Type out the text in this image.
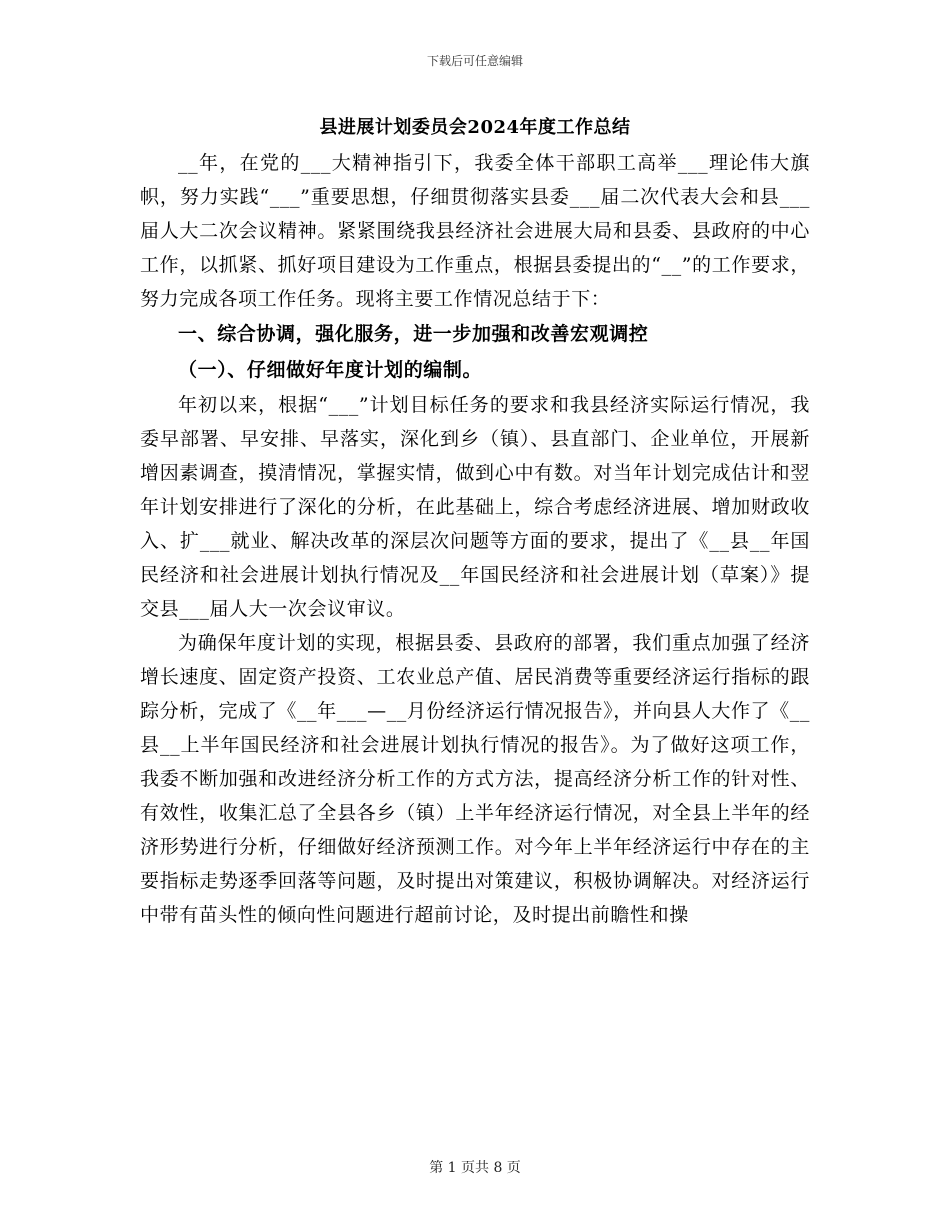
下载后可任意编辑
县进展计划委员会2024年度工作总结

__年，在党的___大精神指引下，我委全体干部职工高举___理论伟大旗帜，努力实践“___”重要思想，仔细贯彻落实县委___届二次代表大会和县___届人大二次会议精神。紧紧围绕我县经济社会进展大局和县委、县政府的中心工作，以抓紧、抓好项目建设为工作重点，根据县委提出的“__”的工作要求，努力完成各项工作任务。现将主要工作情况总结于下：

一、综合协调，强化服务，进一步加强和改善宏观调控

（一）、仔细做好年度计划的编制。

年初以来，根据“___”计划目标任务的要求和我县经济实际运行情况，我委早部署、早安排、早落实，深化到乡（镇）、县直部门、企业单位，开展新增因素调查，摸清情况，掌握实情，做到心中有数。对当年计划完成估计和翌年计划安排进行了深化的分析，在此基础上，综合考虑经济进展、增加财政收入、扩___就业、解决改革的深层次问题等方面的要求，提出了《__县__年国民经济和社会进展计划执行情况及__年国民经济和社会进展计划（草案）》提交县___届人大一次会议审议。

为确保年度计划的实现，根据县委、县政府的部署，我们重点加强了经济增长速度、固定资产投资、工农业总产值、居民消费等重要经济运行指标的跟踪分析，完成了《__年___—__月份经济运行情况报告》，并向县人大作了《__县__上半年国民经济和社会进展计划执行情况的报告》。为了做好这项工作，我委不断加强和改进经济分析工作的方式方法，提高经济分析工作的针对性、有效性，收集汇总了全县各乡（镇）上半年经济运行情况，对全县上半年的经济形势进行分析，仔细做好经济预测工作。对今年上半年经济运行中存在的主要指标走势逐季回落等问题，及时提出对策建议，积极协调解决。对经济运行中带有苗头性的倾向性问题进行超前讨论，及时提出前瞻性和操

第 1 页共 8 页
